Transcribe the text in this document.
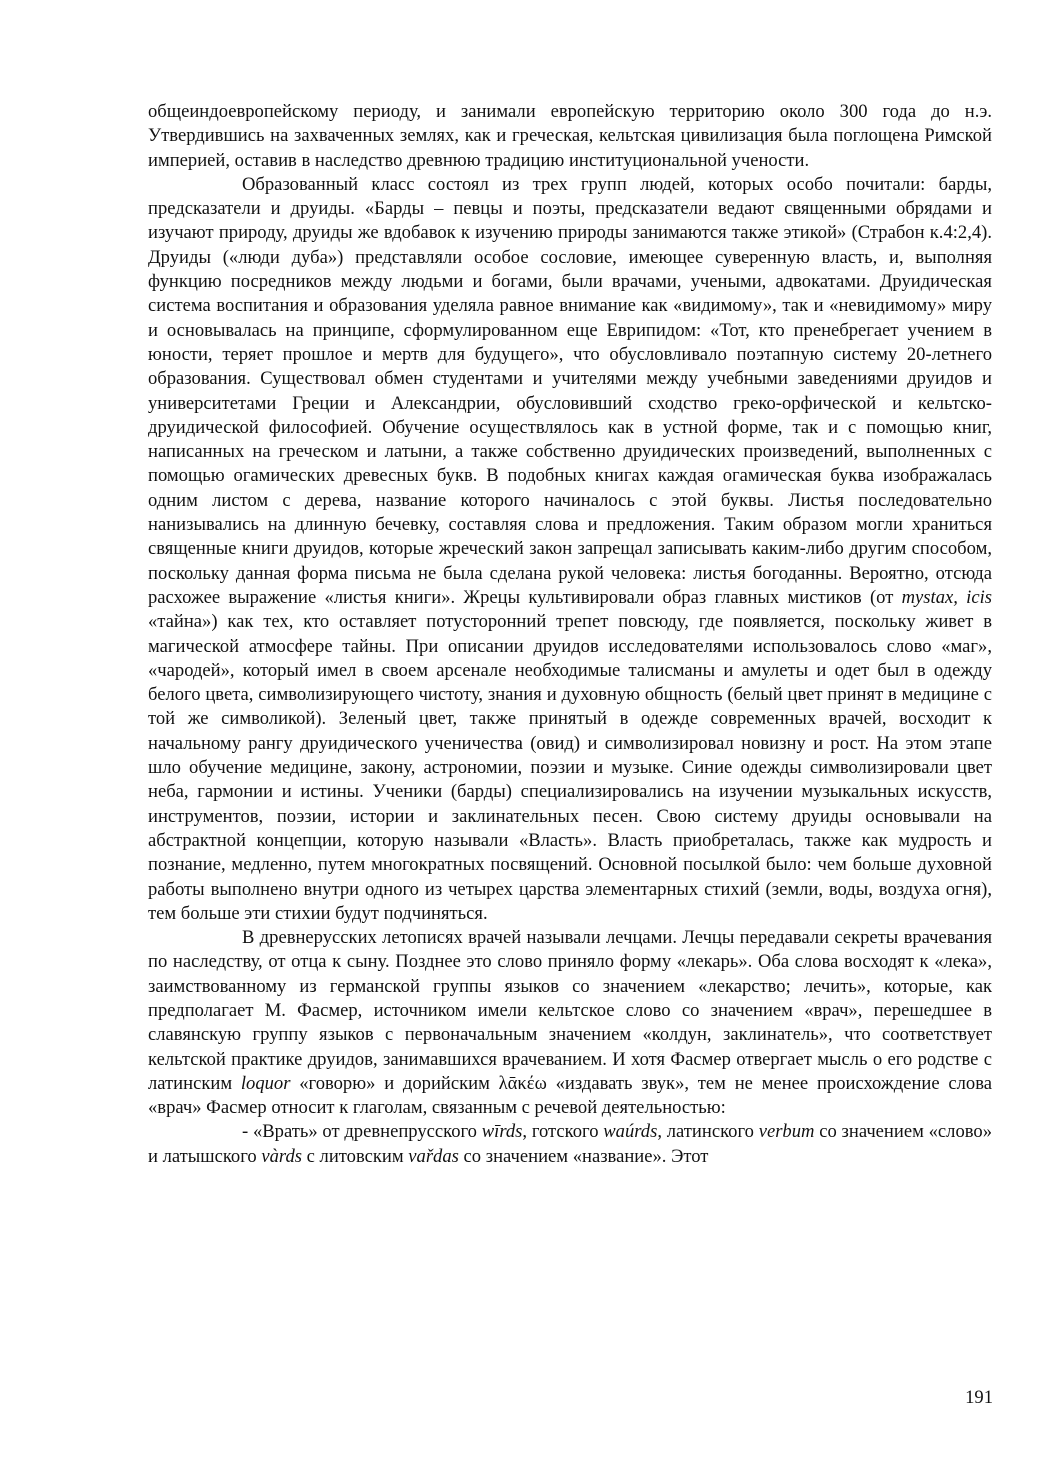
общеиндоевропейскому периоду, и занимали европейскую территорию около 300 года до н.э. Утвердившись на захваченных землях, как и греческая, кельтская цивилизация была поглощена Римской империей, оставив в наследство древнюю традицию институциональной учености.

Образованный класс состоял из трех групп людей, которых особо почитали: барды, предсказатели и друиды. «Барды – певцы и поэты, предсказатели ведают священными обрядами и изучают природу, друиды же вдобавок к изучению природы занимаются также этикой» (Страбон к.4:2,4). Друиды («люди дуба») представляли особое сословие, имеющее суверенную власть, и, выполняя функцию посредников между людьми и богами, были врачами, учеными, адвокатами. Друидическая система воспитания и образования уделяла равное внимание как «видимому», так и «невидимому» миру и основывалась на принципе, сформулированном еще Еврипидом: «Тот, кто пренебрегает учением в юности, теряет прошлое и мертв для будущего», что обусловливало поэтапную систему 20-летнего образования. Существовал обмен студентами и учителями между учебными заведениями друидов и университетами Греции и Александрии, обусловивший сходство греко-орфической и кельтско-друидической философией. Обучение осуществлялось как в устной форме, так и с помощью книг, написанных на греческом и латыни, а также собственно друидических произведений, выполненных с помощью огамических древесных букв. В подобных книгах каждая огамическая буква изображалась одним листом с дерева, название которого начиналось с этой буквы. Листья последовательно нанизывались на длинную бечевку, составляя слова и предложения. Таким образом могли храниться священные книги друидов, которые жреческий закон запрещал записывать каким-либо другим способом, поскольку данная форма письма не была сделана рукой человека: листья богоданны. Вероятно, отсюда расхожее выражение «листья книги». Жрецы культивировали образ главных мистиков (от mystax, icis «тайна») как тех, кто оставляет потусторонний трепет повсюду, где появляется, поскольку живет в магической атмосфере тайны. При описании друидов исследователями использовалось слово «маг», «чародей», который имел в своем арсенале необходимые талисманы и амулеты и одет был в одежду белого цвета, символизирующего чистоту, знания и духовную общность (белый цвет принят в медицине с той же символикой). Зеленый цвет, также принятый в одежде современных врачей, восходит к начальному рангу друидического ученичества (овид) и символизировал новизну и рост. На этом этапе шло обучение медицине, закону, астрономии, поэзии и музыке. Синие одежды символизировали цвет неба, гармонии и истины. Ученики (барды) специализировались на изучении музыкальных искусств, инструментов, поэзии, истории и заклинательных песен. Свою систему друиды основывали на абстрактной концепции, которую называли «Власть». Власть приобреталась, также как мудрость и познание, медленно, путем многократных посвящений. Основной посылкой было: чем больше духовной работы выполнено внутри одного из четырех царства элементарных стихий (земли, воды, воздуха огня), тем больше эти стихии будут подчиняться.

В древнерусских летописях врачей называли лечцами. Лечцы передавали секреты врачевания по наследству, от отца к сыну. Позднее это слово приняло форму «лекарь». Оба слова восходят к «лека», заимствованному из германской группы языков со значением «лекарство; лечить», которые, как предполагает М. Фасмер, источником имели кельтское слово со значением «врач», перешедшее в славянскую группу языков с первоначальным значением «колдун, заклинатель», что соответствует кельтской практике друидов, занимавшихся врачеванием. И хотя Фасмер отвергает мысль о его родстве с латинским loquor «говорю» и дорийским λᾱκέω «издавать звук», тем не менее происхождение слова «врач» Фасмер относит к глаголам, связанным с речевой деятельностью:

- «Врать» от древнепрусского wīrds, готского waúrds, латинского verbum со значением «слово» и латышского vàrds с литовским vařdas со значением «название». Этот

191
